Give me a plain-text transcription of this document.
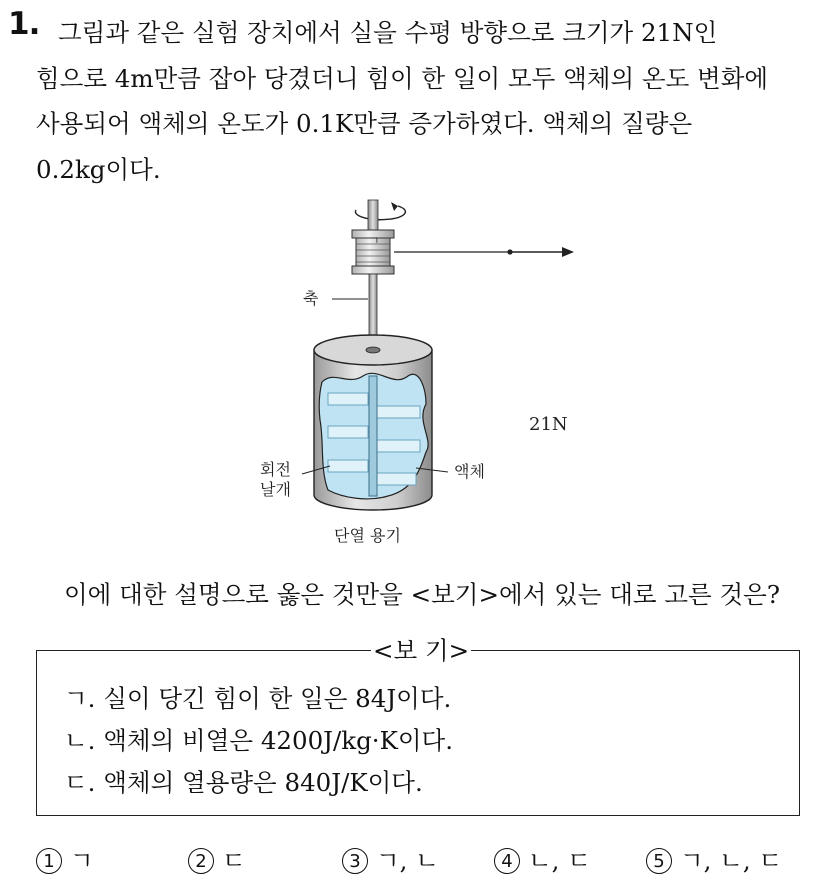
1. 그림과 같은 실험 장치에서 실을 수평 방향으로 크기가 21N인
힘으로 4m만큼 잡아 당겼더니 힘이 한 일이 모두 액체의 온도 변화에
사용되어 액체의 온도가 0.1K만큼 증가하였다. 액체의 질량은
0.2kg이다.
21N
ㄱ
축
회전
날개
액체
단열 용기
이에 대한 설명으로 옳은 것만을 <보기>에서 있는 대로 고른 것은?
<보 기>
ㄱ. 실이 당긴 힘이 한 일은 84J이다.
ㄴ. 액체의 비열은 4200J/kg·K이다.
ㄷ. 액체의 열용량은 840J/K이다.
1 ㄱ	2 ㄷ	3 ㄱ, ㄴ	4 ㄴ, ㄷ	5 ㄱ, ㄴ, ㄷ
